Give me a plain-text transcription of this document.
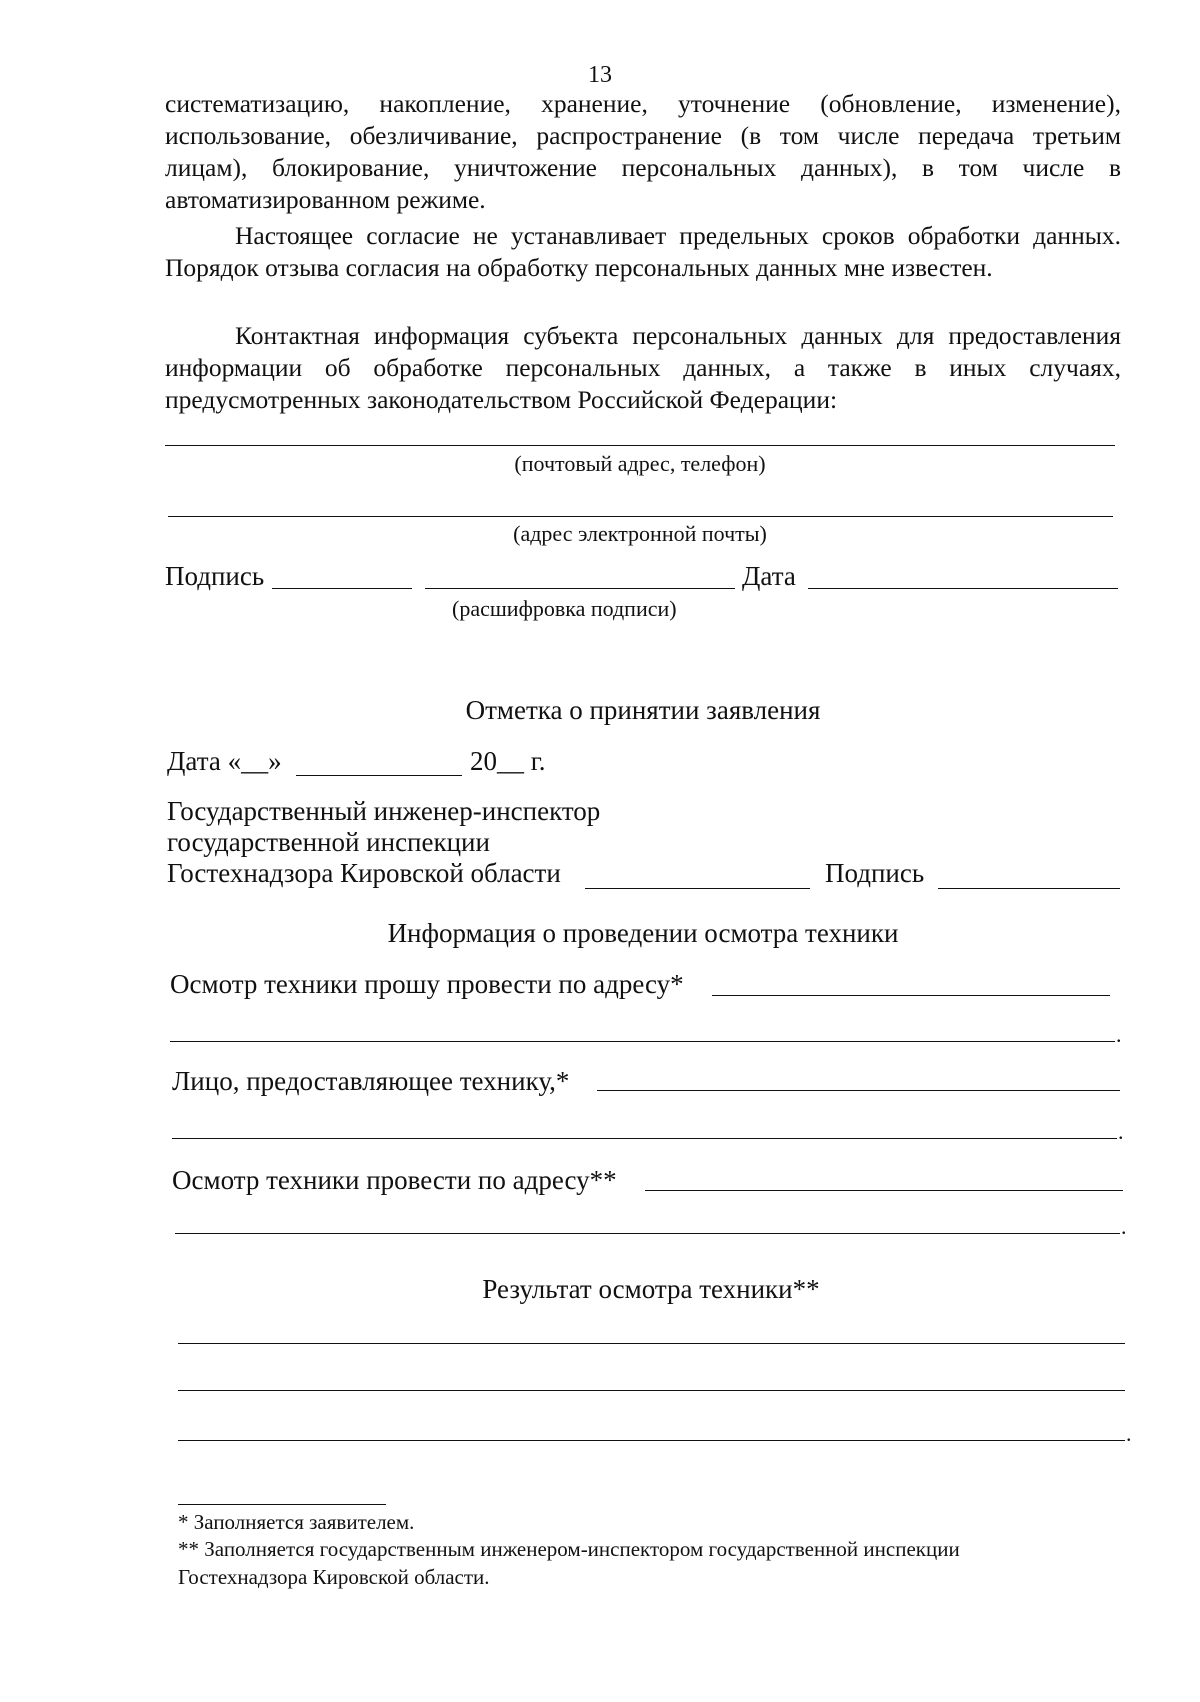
13
систематизацию, накопление, хранение, уточнение (обновление, изменение), использование, обезличивание, распространение (в том числе передача третьим лицам), блокирование, уничтожение персональных данных), в том числе в автоматизированном режиме.
Настоящее согласие не устанавливает предельных сроков обработки данных. Порядок отзыва согласия на обработку персональных данных мне известен.
Контактная информация субъекта персональных данных для предоставления информации об обработке персональных данных, а также в иных случаях, предусмотренных законодательством Российской Федерации:
(почтовый адрес, телефон)
(адрес электронной почты)
Подпись	Дата
(расшифровка подписи)
Отметка о принятии заявления
Дата «__»	20__ г.
Государственный инженер-инспектор
государственной инспекции
Гостехнадзора Кировской области	Подпись
Информация о проведении осмотра техники
Осмотр техники прошу провести по адресу*
.
Лицо, предоставляющее технику,*
.
Осмотр техники провести по адресу**
.
Результат осмотра техники**
.
* Заполняется заявителем.
** Заполняется государственным инженером-инспектором государственной инспекции
Гостехнадзора Кировской области.
